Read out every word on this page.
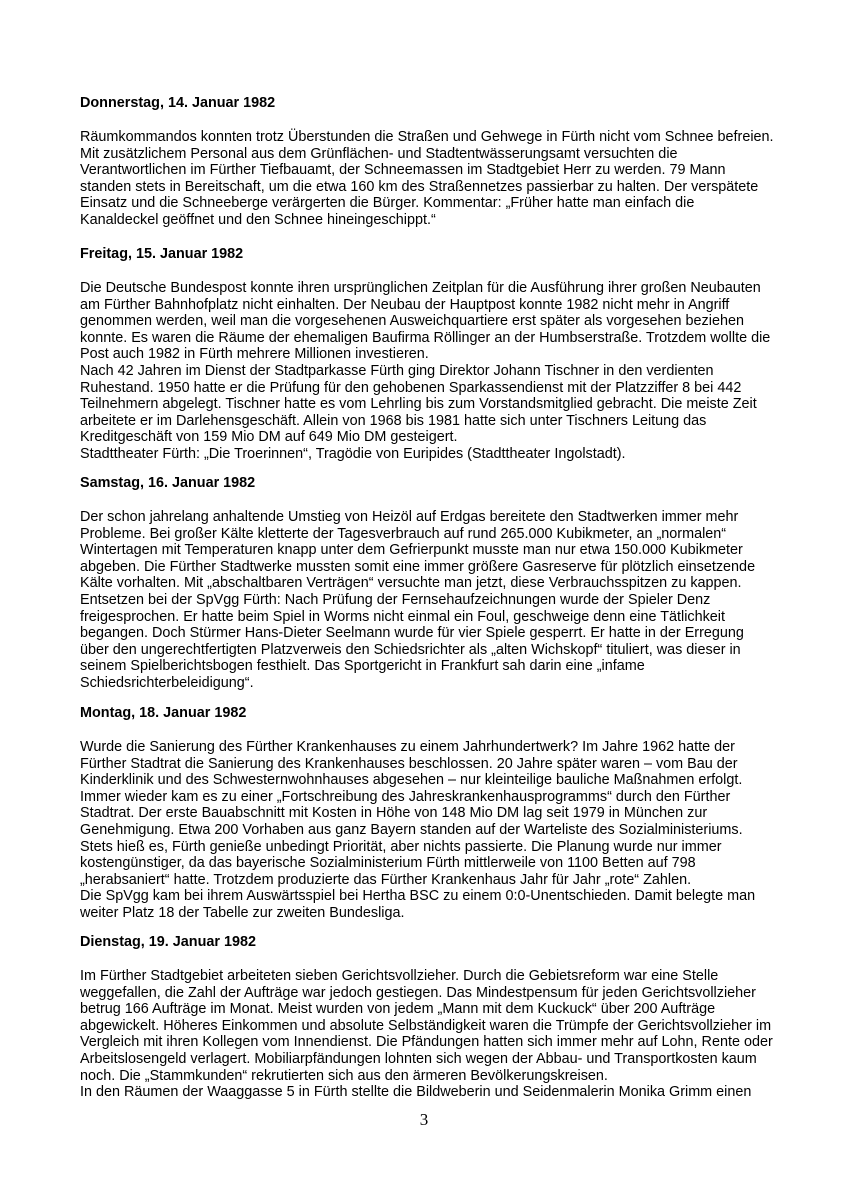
Donnerstag, 14. Januar 1982
Räumkommandos konnten trotz Überstunden die Straßen und Gehwege in Fürth nicht vom Schnee befreien.
Mit zusätzlichem Personal aus dem Grünflächen- und Stadtentwässerungsamt versuchten die
Verantwortlichen im Fürther Tiefbauamt, der Schneemassen im Stadtgebiet Herr zu werden. 79 Mann
standen stets in Bereitschaft, um die etwa 160 km des Straßennetzes passierbar zu halten. Der verspätete
Einsatz und die Schneeberge verärgerten die Bürger. Kommentar: „Früher hatte man einfach die
Kanaldeckel geöffnet und den Schnee hineingeschippt.“
Freitag, 15. Januar 1982
Die Deutsche Bundespost konnte ihren ursprünglichen Zeitplan für die Ausführung ihrer großen Neubauten
am Fürther Bahnhofplatz nicht einhalten. Der Neubau der Hauptpost konnte 1982 nicht mehr in Angriff
genommen werden, weil man die vorgesehenen Ausweichquartiere erst später als vorgesehen beziehen
konnte. Es waren die Räume der ehemaligen Baufirma Röllinger an der Humbserstraße. Trotzdem wollte die
Post auch 1982 in Fürth mehrere Millionen investieren.
Nach 42 Jahren im Dienst der Stadtparkasse Fürth ging Direktor Johann Tischner in den verdienten
Ruhestand. 1950 hatte er die Prüfung für den gehobenen Sparkassendienst mit der Platzziffer 8 bei 442
Teilnehmern abgelegt. Tischner hatte es vom Lehrling bis zum Vorstandsmitglied gebracht. Die meiste Zeit
arbeitete er im Darlehensgeschäft. Allein von 1968 bis 1981 hatte sich unter Tischners Leitung das
Kreditgeschäft von 159 Mio DM auf 649 Mio DM gesteigert.
Stadttheater Fürth: „Die Troerinnen“, Tragödie von Euripides (Stadttheater Ingolstadt).
Samstag, 16. Januar 1982
Der schon jahrelang anhaltende Umstieg von Heizöl auf Erdgas bereitete den Stadtwerken immer mehr
Probleme. Bei großer Kälte kletterte der Tagesverbrauch auf rund 265.000 Kubikmeter, an „normalen“
Wintertagen mit Temperaturen knapp unter dem Gefrierpunkt musste man nur etwa 150.000 Kubikmeter
abgeben. Die Fürther Stadtwerke mussten somit eine immer größere Gasreserve für plötzlich einsetzende
Kälte vorhalten. Mit „abschaltbaren Verträgen“ versuchte man jetzt, diese Verbrauchsspitzen zu kappen.
Entsetzen bei der SpVgg Fürth: Nach Prüfung der Fernsehaufzeichnungen wurde der Spieler Denz
freigesprochen. Er hatte beim Spiel in Worms nicht einmal ein Foul, geschweige denn eine Tätlichkeit
begangen. Doch Stürmer Hans-Dieter Seelmann wurde für vier Spiele gesperrt. Er hatte in der Erregung
über den ungerechtfertigten Platzverweis den Schiedsrichter als „alten Wichskopf“ tituliert, was dieser in
seinem Spielberichtsbogen festhielt. Das Sportgericht in Frankfurt sah darin eine „infame
Schiedsrichterbeleidigung“.
Montag, 18. Januar 1982
Wurde die Sanierung des Fürther Krankenhauses zu einem Jahrhundertwerk? Im Jahre 1962 hatte der
Fürther Stadtrat die Sanierung des Krankenhauses beschlossen. 20 Jahre später waren – vom Bau der
Kinderklinik und des Schwesternwohnhauses abgesehen – nur kleinteilige bauliche Maßnahmen erfolgt.
Immer wieder kam es zu einer „Fortschreibung des Jahreskrankenhausprogramms“ durch den Fürther
Stadtrat. Der erste Bauabschnitt mit Kosten in Höhe von 148 Mio DM lag seit 1979 in München zur
Genehmigung. Etwa 200 Vorhaben aus ganz Bayern standen auf der Warteliste des Sozialministeriums.
Stets hieß es, Fürth genieße unbedingt Priorität, aber nichts passierte. Die Planung wurde nur immer
kostengünstiger, da das bayerische Sozialministerium Fürth mittlerweile von 1100 Betten auf 798
„herabsaniert“ hatte. Trotzdem produzierte das Fürther Krankenhaus Jahr für Jahr „rote“ Zahlen.
Die SpVgg kam bei ihrem Auswärtsspiel bei Hertha BSC zu einem 0:0-Unentschieden. Damit belegte man
weiter Platz 18 der Tabelle zur zweiten Bundesliga.
Dienstag, 19. Januar 1982
Im Fürther Stadtgebiet arbeiteten sieben Gerichtsvollzieher. Durch die Gebietsreform war eine Stelle
weggefallen, die Zahl der Aufträge war jedoch gestiegen. Das Mindestpensum für jeden Gerichtsvollzieher
betrug 166 Aufträge im Monat. Meist wurden von jedem „Mann mit dem Kuckuck“ über 200 Aufträge
abgewickelt. Höheres Einkommen und absolute Selbständigkeit waren die Trümpfe der Gerichtsvollzieher im
Vergleich mit ihren Kollegen vom Innendienst. Die Pfändungen hatten sich immer mehr auf Lohn, Rente oder
Arbeitslosengeld verlagert. Mobiliarpfändungen lohnten sich wegen der Abbau- und Transportkosten kaum
noch. Die „Stammkunden“ rekrutierten sich aus den ärmeren Bevölkerungskreisen.
In den Räumen der Waaggasse 5 in Fürth stellte die Bildweberin und Seidenmalerin Monika Grimm einen
3
